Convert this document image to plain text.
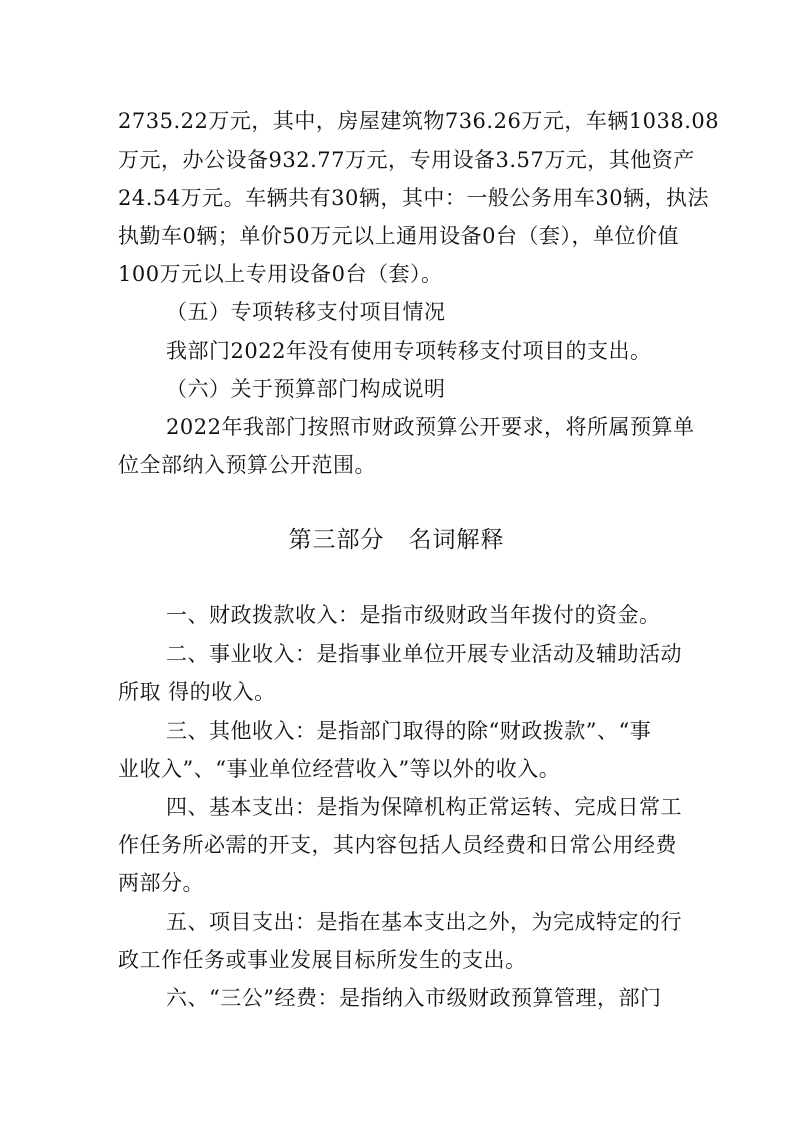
2735.22万元，其中，房屋建筑物736.26万元，车辆1038.08
万元，办公设备932.77万元，专用设备3.57万元，其他资产
24.54万元。车辆共有30辆，其中：一般公务用车30辆，执法
执勤车0辆；单价50万元以上通用设备0台（套），单位价值
100万元以上专用设备0台（套）。
（五）专项转移支付项目情况
我部门2022年没有使用专项转移支付项目的支出。
（六）关于预算部门构成说明
2022年我部门按照市财政预算公开要求，将所属预算单
位全部纳入预算公开范围。
第三部分　名词解释
一、财政拨款收入：是指市级财政当年拨付的资金。
二、事业收入：是指事业单位开展专业活动及辅助活动
所取 得的收入。
三、其他收入：是指部门取得的除“财政拨款”、“事
业收入”、“事业单位经营收入”等以外的收入。
四、基本支出：是指为保障机构正常运转、完成日常工
作任务所必需的开支，其内容包括人员经费和日常公用经费
两部分。
五、项目支出：是指在基本支出之外，为完成特定的行
政工作任务或事业发展目标所发生的支出。
六、“三公”经费：是指纳入市级财政预算管理，部门
